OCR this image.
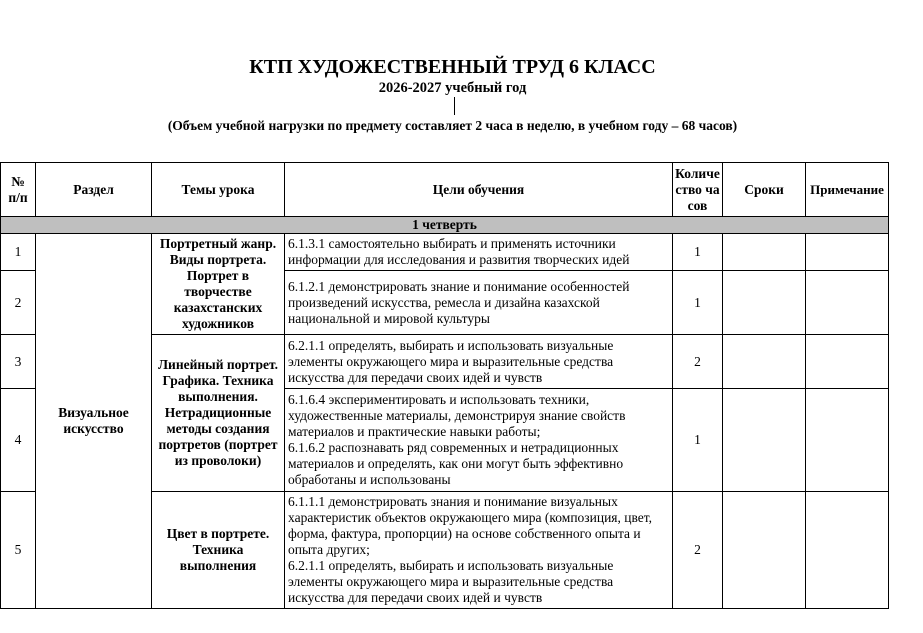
КТП ХУДОЖЕСТВЕННЫЙ ТРУД 6 КЛАСС
2026-2027 учебный год
(Объем учебной нагрузки по предмету составляет 2 часа в неделю, в учебном году – 68 часов)
№ п/п	Раздел	Темы урока	Цели обучения	Количество часов	Сроки	Примечание
1 четверть						
1	Визуальное искусство	Портретный жанр. Виды портрета. Портрет в творчестве казахстанских художников	6.1.3.1 самостоятельно выбирать и применять источники информации для исследования и развития творческих идей	1		
2			6.1.2.1 демонстрировать знание и понимание особенностей произведений искусства, ремесла и дизайна казахской национальной и мировой культуры	1		
3		Линейный портрет. Графика. Техника выполнения. Нетрадиционные методы создания портретов (портрет из проволоки)	6.2.1.1 определять, выбирать и использовать визуальные элементы окружающего мира и выразительные средства искусства для передачи своих идей и чувств	2		
4			6.1.6.4 экспериментировать и использовать техники, художественные материалы, демонстрируя знание свойств материалов и практические навыки работы;
6.1.6.2 распознавать ряд современных и нетрадиционных материалов и определять, как они могут быть эффективно обработаны и использованы	1		
5		Цвет в портрете. Техника выполнения	6.1.1.1 демонстрировать знания и понимание визуальных характеристик объектов окружающего мира (композиция, цвет, форма, фактура, пропорции) на основе собственного опыта и опыта других;
6.2.1.1 определять, выбирать и использовать визуальные элементы окружающего мира и выразительные средства искусства для передачи своих идей и чувств	2		
